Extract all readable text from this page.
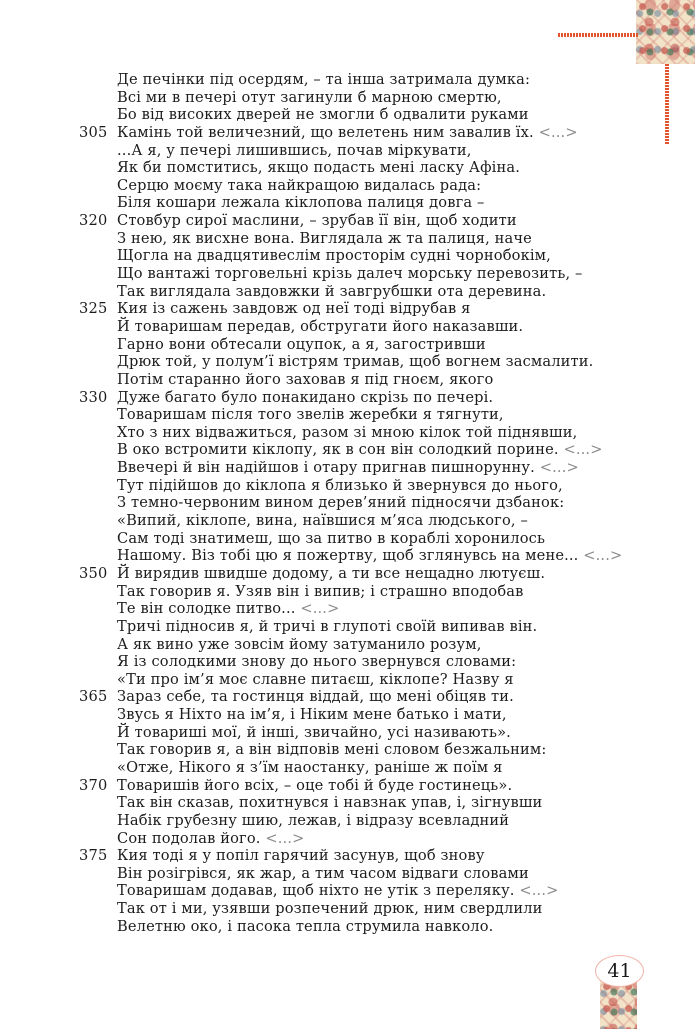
Де печінки під осердям, – та інша затримала думка:
Всі ми в печері отут загинули б марною смертю,
Бо від високих дверей не змогли б одвалити руками
305 Камінь той величезний, що велетень ним завалив їх. <...>
...А я, у печері лишившись, почав міркувати,
Як би помститись, якщо подасть мені ласку Афіна.
Серцю моєму така найкращою видалась рада:
Біля кошари лежала кіклопова палиця довга –
320 Стовбур сирої маслини, – зрубав її він, щоб ходити
З нею, як висхне вона. Виглядала ж та палиця, наче
Щогла на двадцятивеслім просторім судні чорнобокім,
Що вантажі торговельні крізь далеч морську перевозить, –
Так виглядала завдовжки й завгрубшки ота деревина.
325 Кия із сажень завдовж од неї тоді відрубав я
Й товаришам передав, обстругати його наказавши.
Гарно вони обтесали оцупок, а я, загостривши
Дрюк той, у полум’ї вістрям тримав, щоб вогнем засмалити.
Потім старанно його заховав я під гноєм, якого
330 Дуже багато було понакидано скрізь по печері.
Товаришам після того звелів жеребки я тягнути,
Хто з них відважиться, разом зі мною кілок той піднявши,
В око встромити кіклопу, як в сон він солодкий порине. <...>
Ввечері й він надійшов і отару пригнав пишнорунну. <...>
Тут підійшов до кіклопа я близько й звернувся до нього,
З темно-червоним вином дерев’яний підносячи дзбанок:
«Випий, кіклопе, вина, наївшися м’яса людського, –
Сам тоді знатимеш, що за питво в кораблі хоронилось
Нашому. Віз тобі цю я пожертву, щоб зглянувсь на мене... <...>
350 Й вирядив швидше додому, а ти все нещадно лютуєш.
Так говорив я. Узяв він і випив; і страшно вподобав
Те він солодке питво... <...>
Тричі підносив я, й тричі в глупоті своїй випивав він.
А як вино уже зовсім йому затуманило розум,
Я із солодкими знову до нього звернувся словами:
«Ти про ім’я моє славне питаєш, кіклопе? Назву я
365 Зараз себе, та гостинця віддай, що мені обіцяв ти.
Звусь я Ніхто на ім’я, і Ніким мене батько і мати,
Й товариші мої, й інші, звичайно, усі називають».
Так говорив я, а він відповів мені словом безжальним:
«Отже, Нікого я з’їм наостанку, раніше ж поїм я
370 Товаришів його всіх, – оце тобі й буде гостинець».
Так він сказав, похитнувся і навзнак упав, і, зігнувши
Набік грубезну шию, лежав, і відразу всевладний
Сон подолав його. <...>
375 Кия тоді я у попіл гарячий засунув, щоб знову
Він розігрівся, як жар, а тим часом відваги словами
Товаришам додавав, щоб ніхто не утік з переляку. <...>
Так от і ми, узявши розпечений дрюк, ним свердлили
Велетню око, і пасока тепла струмила навколо.
41
